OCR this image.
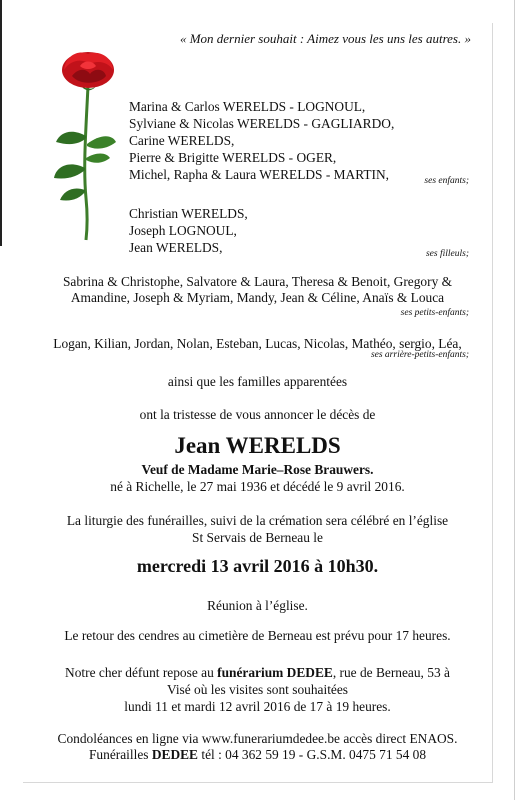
« Mon dernier souhait : Aimez vous les uns les autres. »
Marina & Carlos WERELDS - LOGNOUL,
Sylviane & Nicolas WERELDS - GAGLIARDO,
Carine WERELDS,
Pierre & Brigitte WERELDS - OGER,
Michel, Rapha & Laura WERELDS - MARTIN,	ses enfants;
Christian WERELDS,
Joseph LOGNOUL,
Jean WERELDS,	ses filleuls;
Sabrina & Christophe, Salvatore & Laura, Theresa & Benoit, Gregory &
Amandine, Joseph & Myriam, Mandy, Jean & Céline, Anaïs & Louca
ses petits-enfants;
Logan, Kilian, Jordan, Nolan, Esteban, Lucas, Nicolas, Mathéo, sergio, Léa,
ses arrière-petits-enfants;
ainsi que les familles apparentées
ont la tristesse de vous annoncer le décès de
Jean WERELDS
Veuf de Madame Marie–Rose Brauwers.
né à Richelle, le 27 mai 1936 et décédé le 9 avril 2016.
La liturgie des funérailles, suivi de la crémation sera célébré en l’église
St Servais de Berneau le
mercredi 13 avril 2016 à 10h30.
Réunion à l’église.
Le retour des cendres au cimetière de Berneau est prévu pour 17 heures.
Notre cher défunt repose au funérarium DEDEE, rue de Berneau, 53 à
Visé où les visites sont souhaitées
lundi 11 et mardi 12 avril 2016 de 17 à 19 heures.
Condoléances en ligne via www.funerariumdedee.be accès direct ENAOS.
Funérailles DEDEE tél : 04 362 59 19 - G.S.M. 0475 71 54 08
